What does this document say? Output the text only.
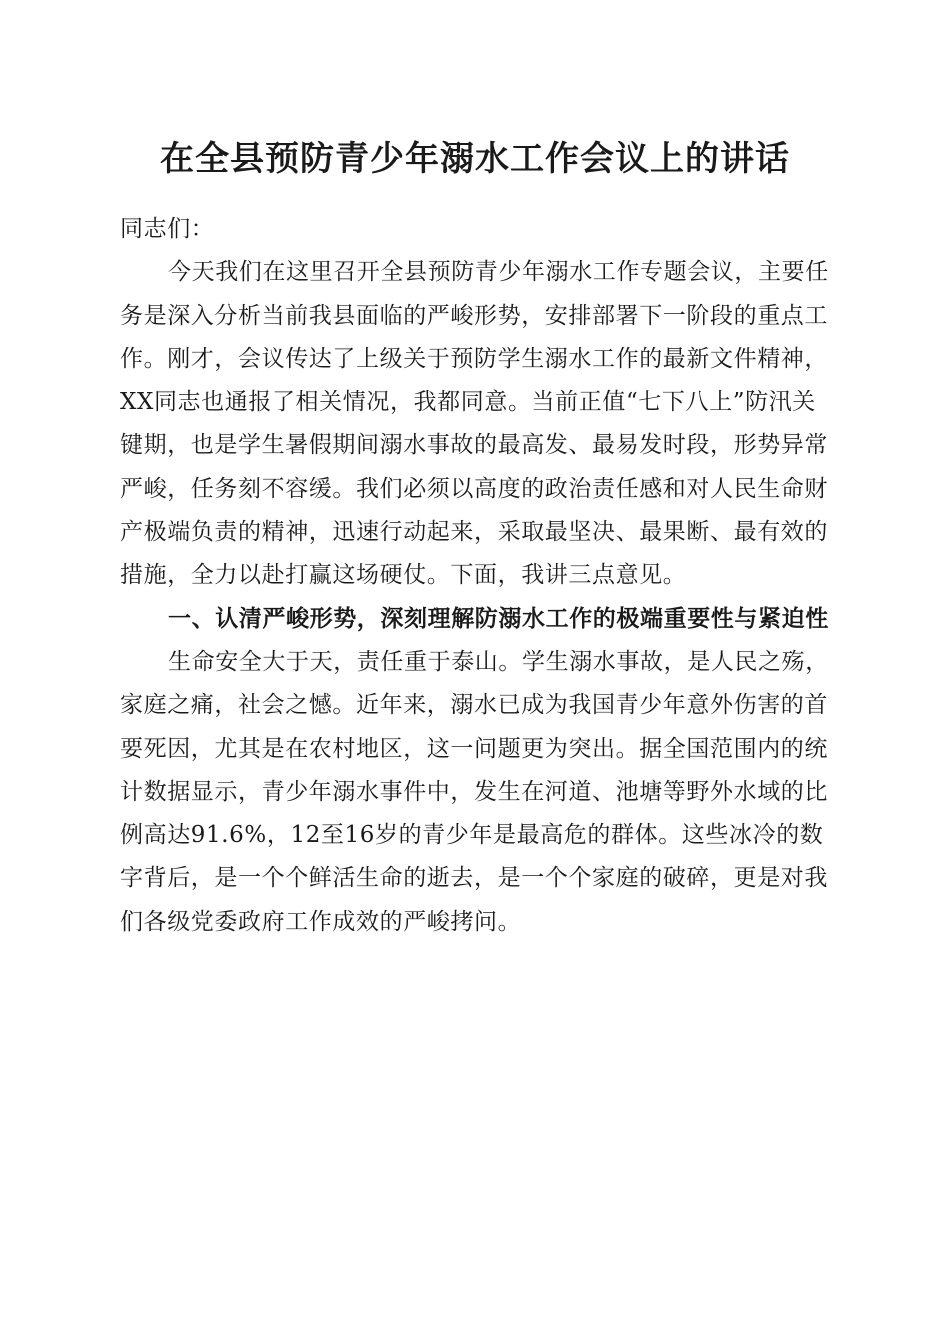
在全县预防青少年溺水工作会议上的讲话

同志们：

今天我们在这里召开全县预防青少年溺水工作专题会议，主要任务是深入分析当前我县面临的严峻形势，安排部署下一阶段的重点工作。刚才，会议传达了上级关于预防学生溺水工作的最新文件精神，XX同志也通报了相关情况，我都同意。当前正值“七下八上”防汛关键期，也是学生暑假期间溺水事故的最高发、最易发时段，形势异常严峻，任务刻不容缓。我们必须以高度的政治责任感和对人民生命财产极端负责的精神，迅速行动起来，采取最坚决、最果断、最有效的措施，全力以赴打赢这场硬仗。下面，我讲三点意见。

一、认清严峻形势，深刻理解防溺水工作的极端重要性与紧迫性

生命安全大于天，责任重于泰山。学生溺水事故，是人民之殇，家庭之痛，社会之憾。近年来，溺水已成为我国青少年意外伤害的首要死因，尤其是在农村地区，这一问题更为突出。据全国范围内的统计数据显示，青少年溺水事件中，发生在河道、池塘等野外水域的比例高达91.6%，12至16岁的青少年是最高危的群体。这些冰冷的数字背后，是一个个鲜活生命的逝去，是一个个家庭的破碎，更是对我们各级党委政府工作成效的严峻拷问。
